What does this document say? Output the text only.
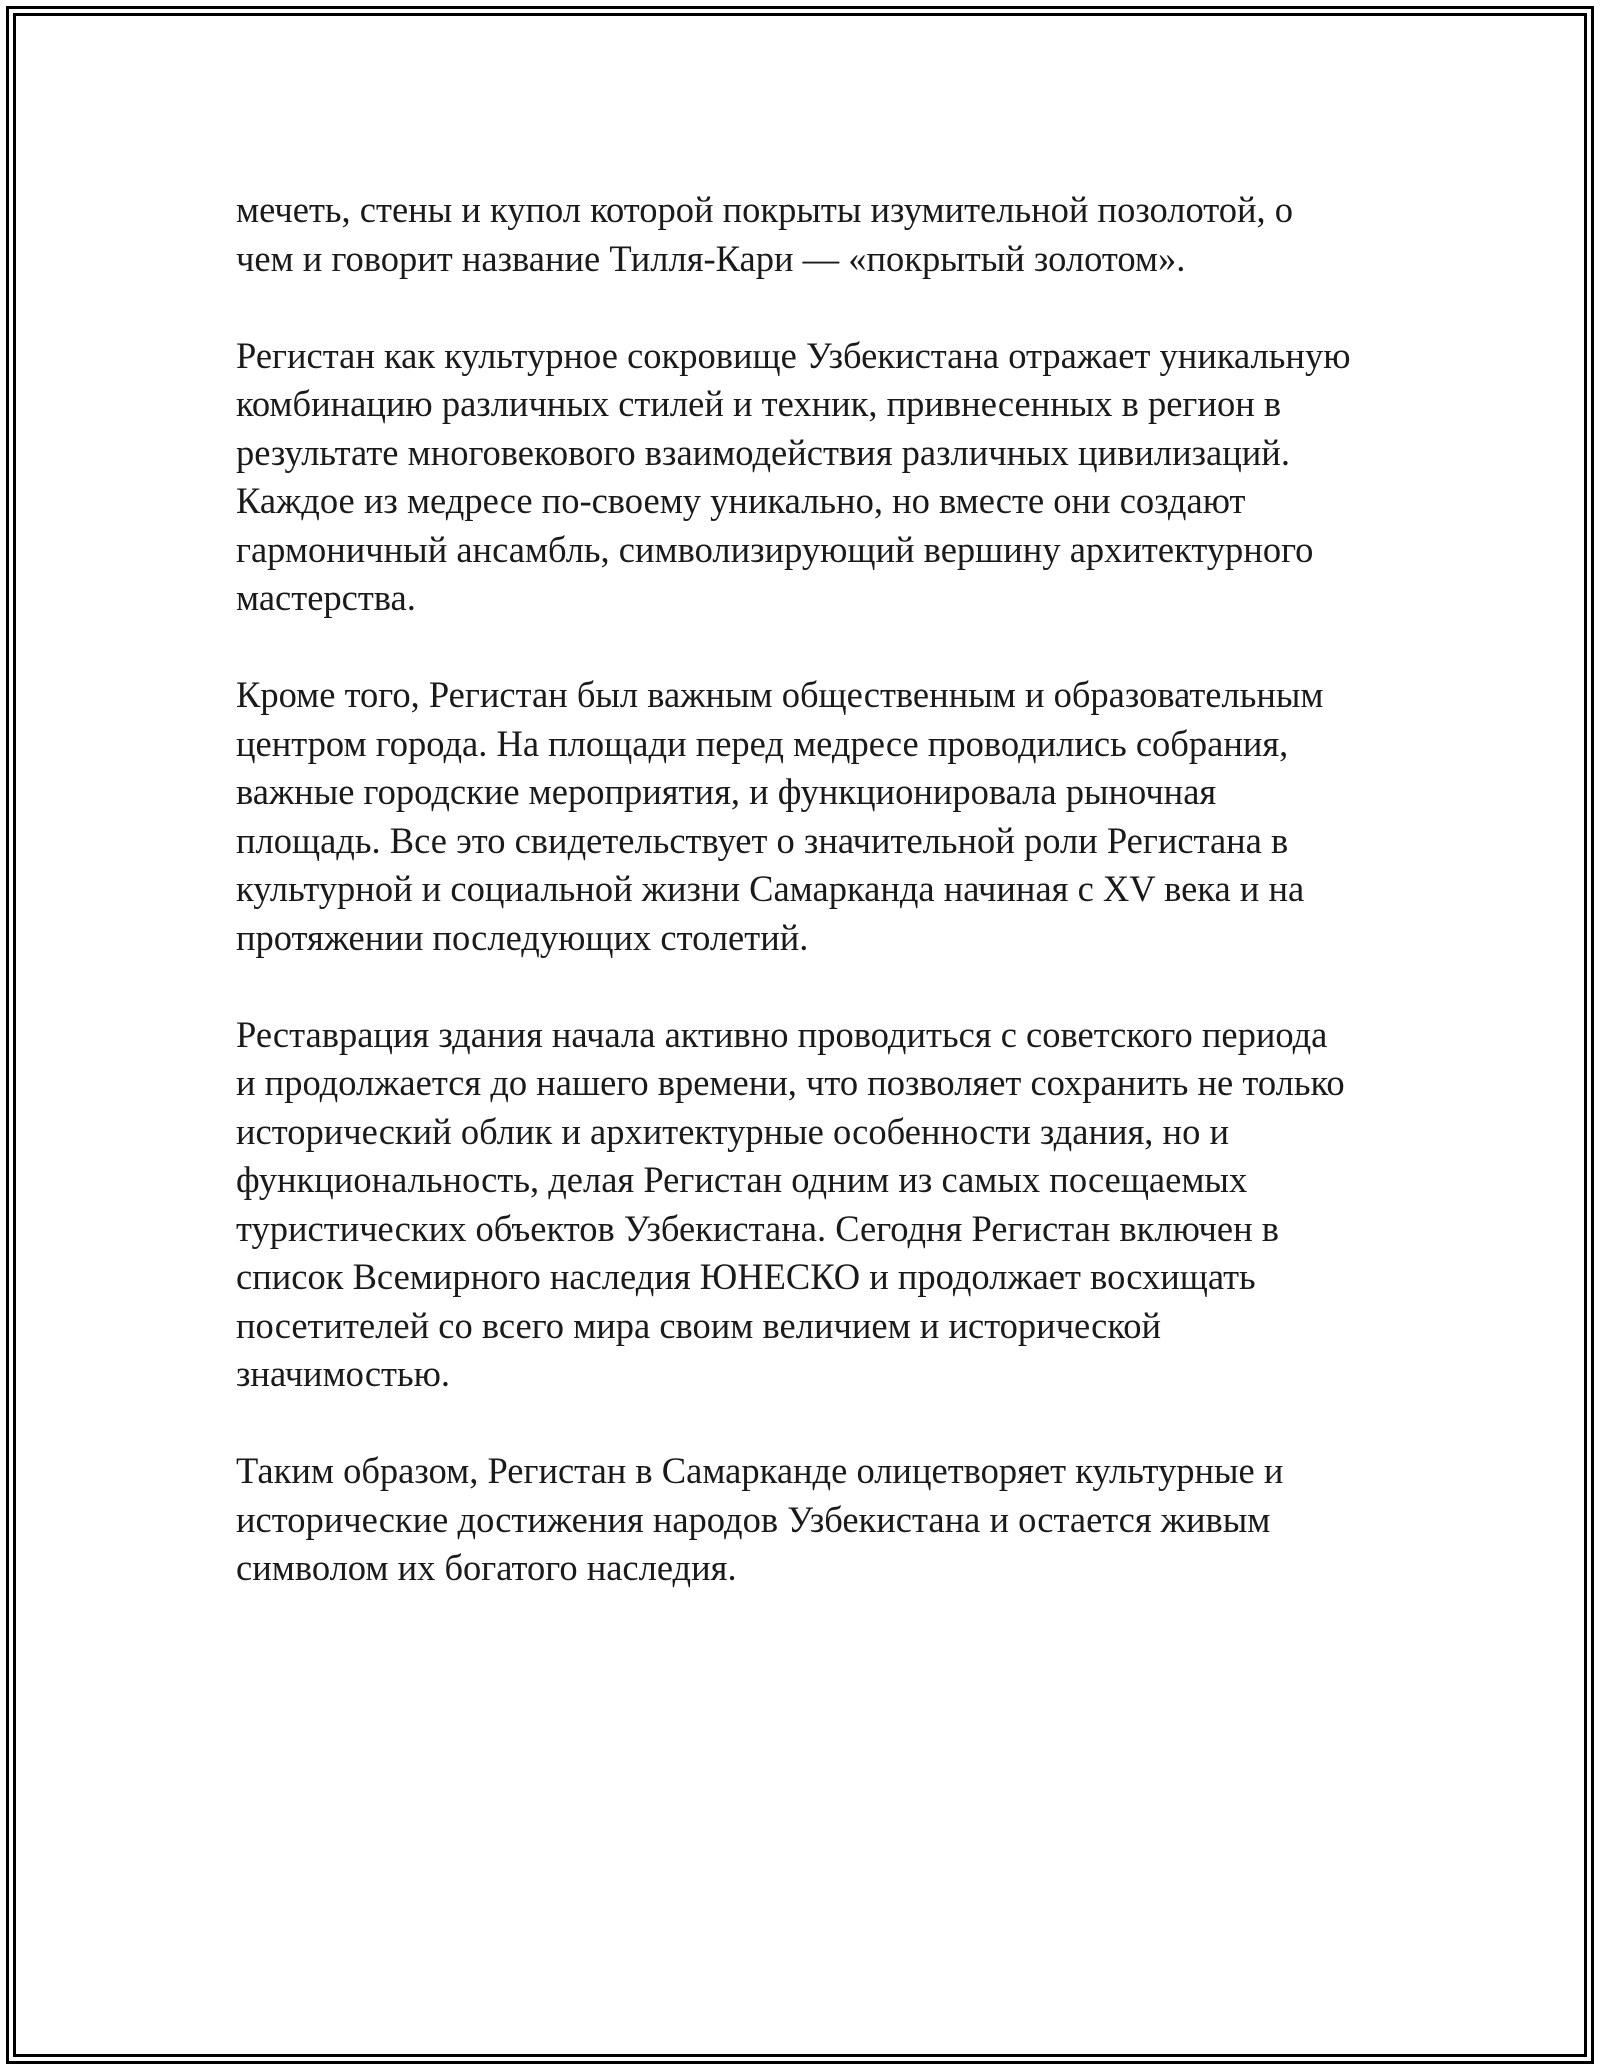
мечеть, стены и купол которой покрыты изумительной позолотой, о
чем и говорит название Тилля-Кари — «покрытый золотом».

Регистан как культурное сокровище Узбекистана отражает уникальную
комбинацию различных стилей и техник, привнесенных в регион в
результате многовекового взаимодействия различных цивилизаций.
Каждое из медресе по-своему уникально, но вместе они создают
гармоничный ансамбль, символизирующий вершину архитектурного
мастерства.

Кроме того, Регистан был важным общественным и образовательным
центром города. На площади перед медресе проводились собрания,
важные городские мероприятия, и функционировала рыночная
площадь. Все это свидетельствует о значительной роли Регистана в
культурной и социальной жизни Самарканда начиная с XV века и на
протяжении последующих столетий.

Реставрация здания начала активно проводиться с советского периода
и продолжается до нашего времени, что позволяет сохранить не только
исторический облик и архитектурные особенности здания, но и
функциональность, делая Регистан одним из самых посещаемых
туристических объектов Узбекистана. Сегодня Регистан включен в
список Всемирного наследия ЮНЕСКО и продолжает восхищать
посетителей со всего мира своим величием и исторической
значимостью.

Таким образом, Регистан в Самарканде олицетворяет культурные и
исторические достижения народов Узбекистана и остается живым
символом их богатого наследия.
